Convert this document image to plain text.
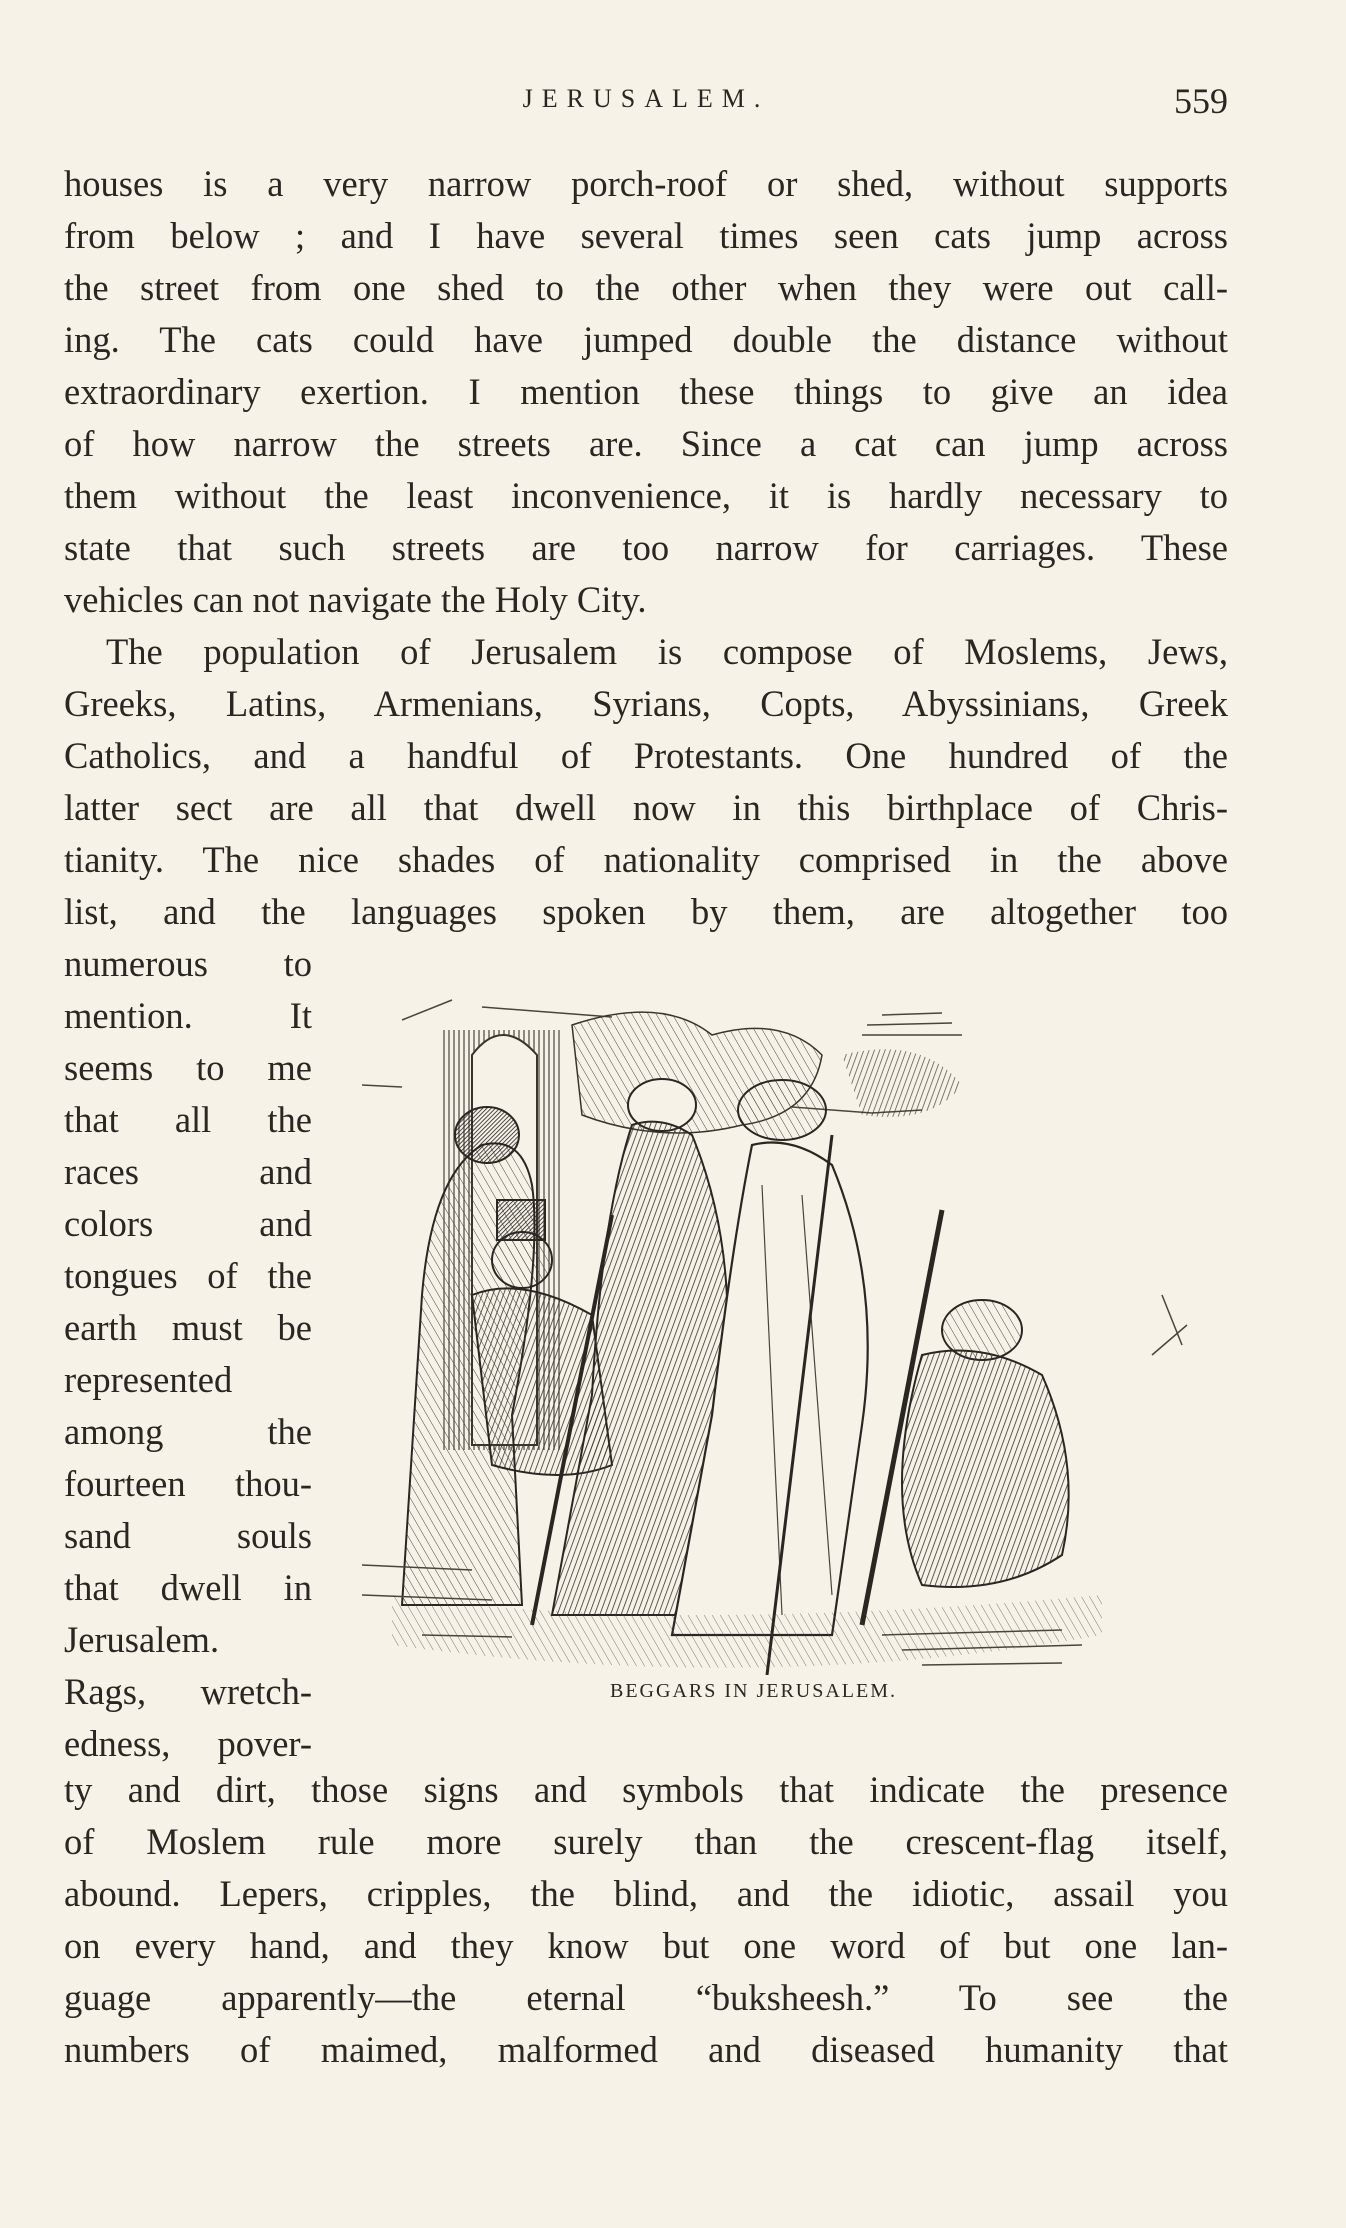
JERUSALEM.	559
houses is a very narrow porch-roof or shed, without supports
from below ; and I have several times seen cats jump across
the street from one shed to the other when they were out call-
ing. The cats could have jumped double the distance without
extraordinary exertion. I mention these things to give an idea
of how narrow the streets are. Since a cat can jump across
them without the least inconvenience, it is hardly necessary to
state that such streets are too narrow for carriages. These
vehicles can not navigate the Holy City.
The population of Jerusalem is compose of Moslems, Jews,
Greeks, Latins, Armenians, Syrians, Copts, Abyssinians, Greek
Catholics, and a handful of Protestants. One hundred of the
latter sect are all that dwell now in this birthplace of Chris-
tianity. The nice shades of nationality comprised in the above
list, and the languages spoken by them, are altogether too
numerous to
mention. It
seems to me
that all the
races and
colors and
tongues of the
earth must be
represented
among the
fourteen thou-
sand souls
that dwell in
Jerusalem.
Rags, wretch-
edness, pover-
BEGGARS IN JERUSALEM.
ty and dirt, those signs and symbols that indicate the presence
of Moslem rule more surely than the crescent-flag itself,
abound. Lepers, cripples, the blind, and the idiotic, assail you
on every hand, and they know but one word of but one lan-
guage apparently—the eternal “buksheesh.” To see the
numbers of maimed, malformed and diseased humanity that
